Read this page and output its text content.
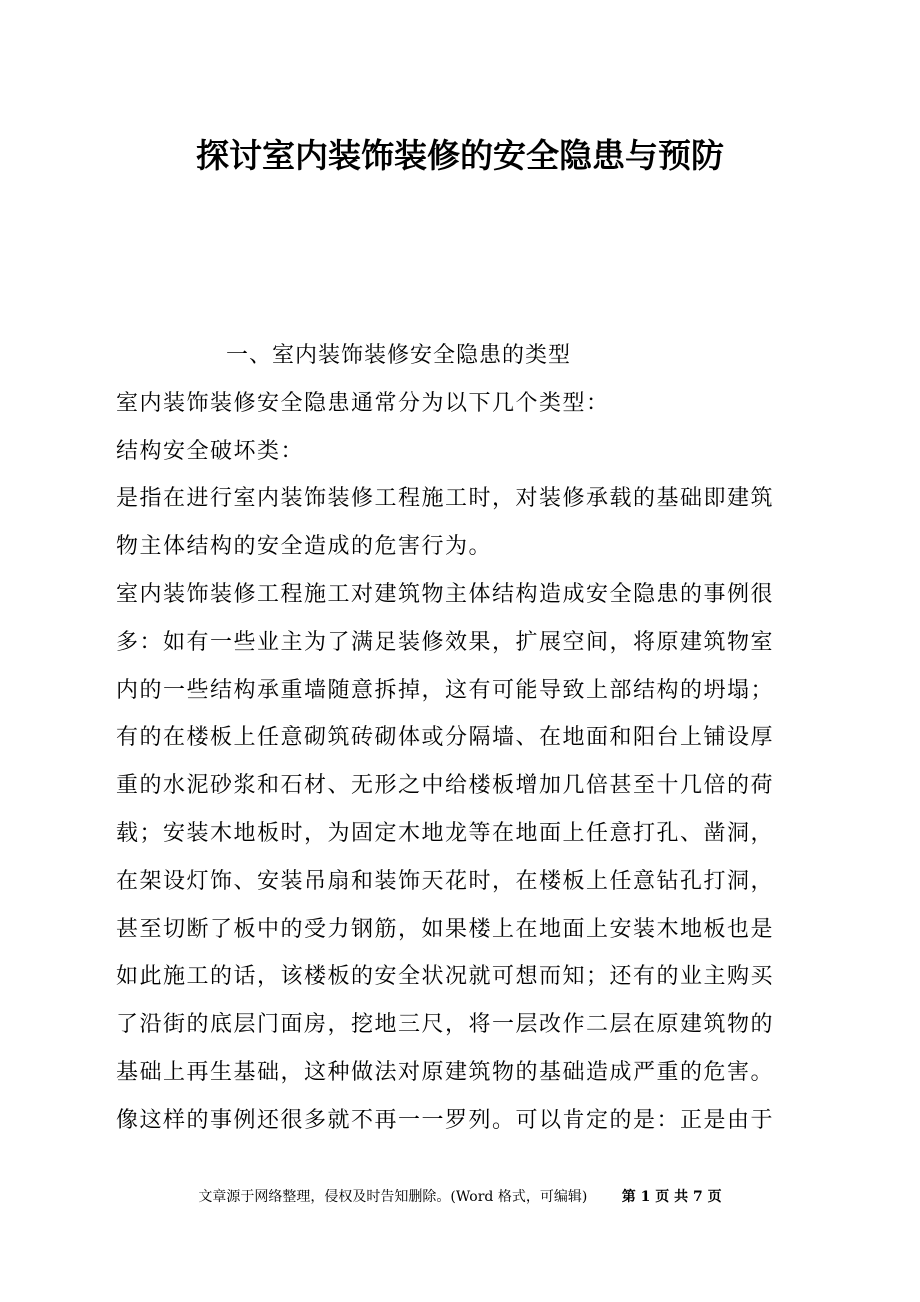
探讨室内装饰装修的安全隐患与预防
一、室内装饰装修安全隐患的类型
室内装饰装修安全隐患通常分为以下几个类型：
结构安全破坏类：
是指在进行室内装饰装修工程施工时，对装修承载的基础即建筑
物主体结构的安全造成的危害行为。
室内装饰装修工程施工对建筑物主体结构造成安全隐患的事例很
多：如有一些业主为了满足装修效果，扩展空间，将原建筑物室
内的一些结构承重墙随意拆掉，这有可能导致上部结构的坍塌；
有的在楼板上任意砌筑砖砌体或分隔墙、在地面和阳台上铺设厚
重的水泥砂浆和石材、无形之中给楼板增加几倍甚至十几倍的荷
载；安装木地板时，为固定木地龙等在地面上任意打孔、凿洞，
在架设灯饰、安装吊扇和装饰天花时，在楼板上任意钻孔打洞，
甚至切断了板中的受力钢筋，如果楼上在地面上安装木地板也是
如此施工的话，该楼板的安全状况就可想而知；还有的业主购买
了沿街的底层门面房，挖地三尺，将一层改作二层在原建筑物的
基础上再生基础，这种做法对原建筑物的基础造成严重的危害。
像这样的事例还很多就不再一一罗列。可以肯定的是：正是由于
文章源于网络整理，侵权及时告知删除。(Word 格式，可编辑) 第 1 页 共 7 页
